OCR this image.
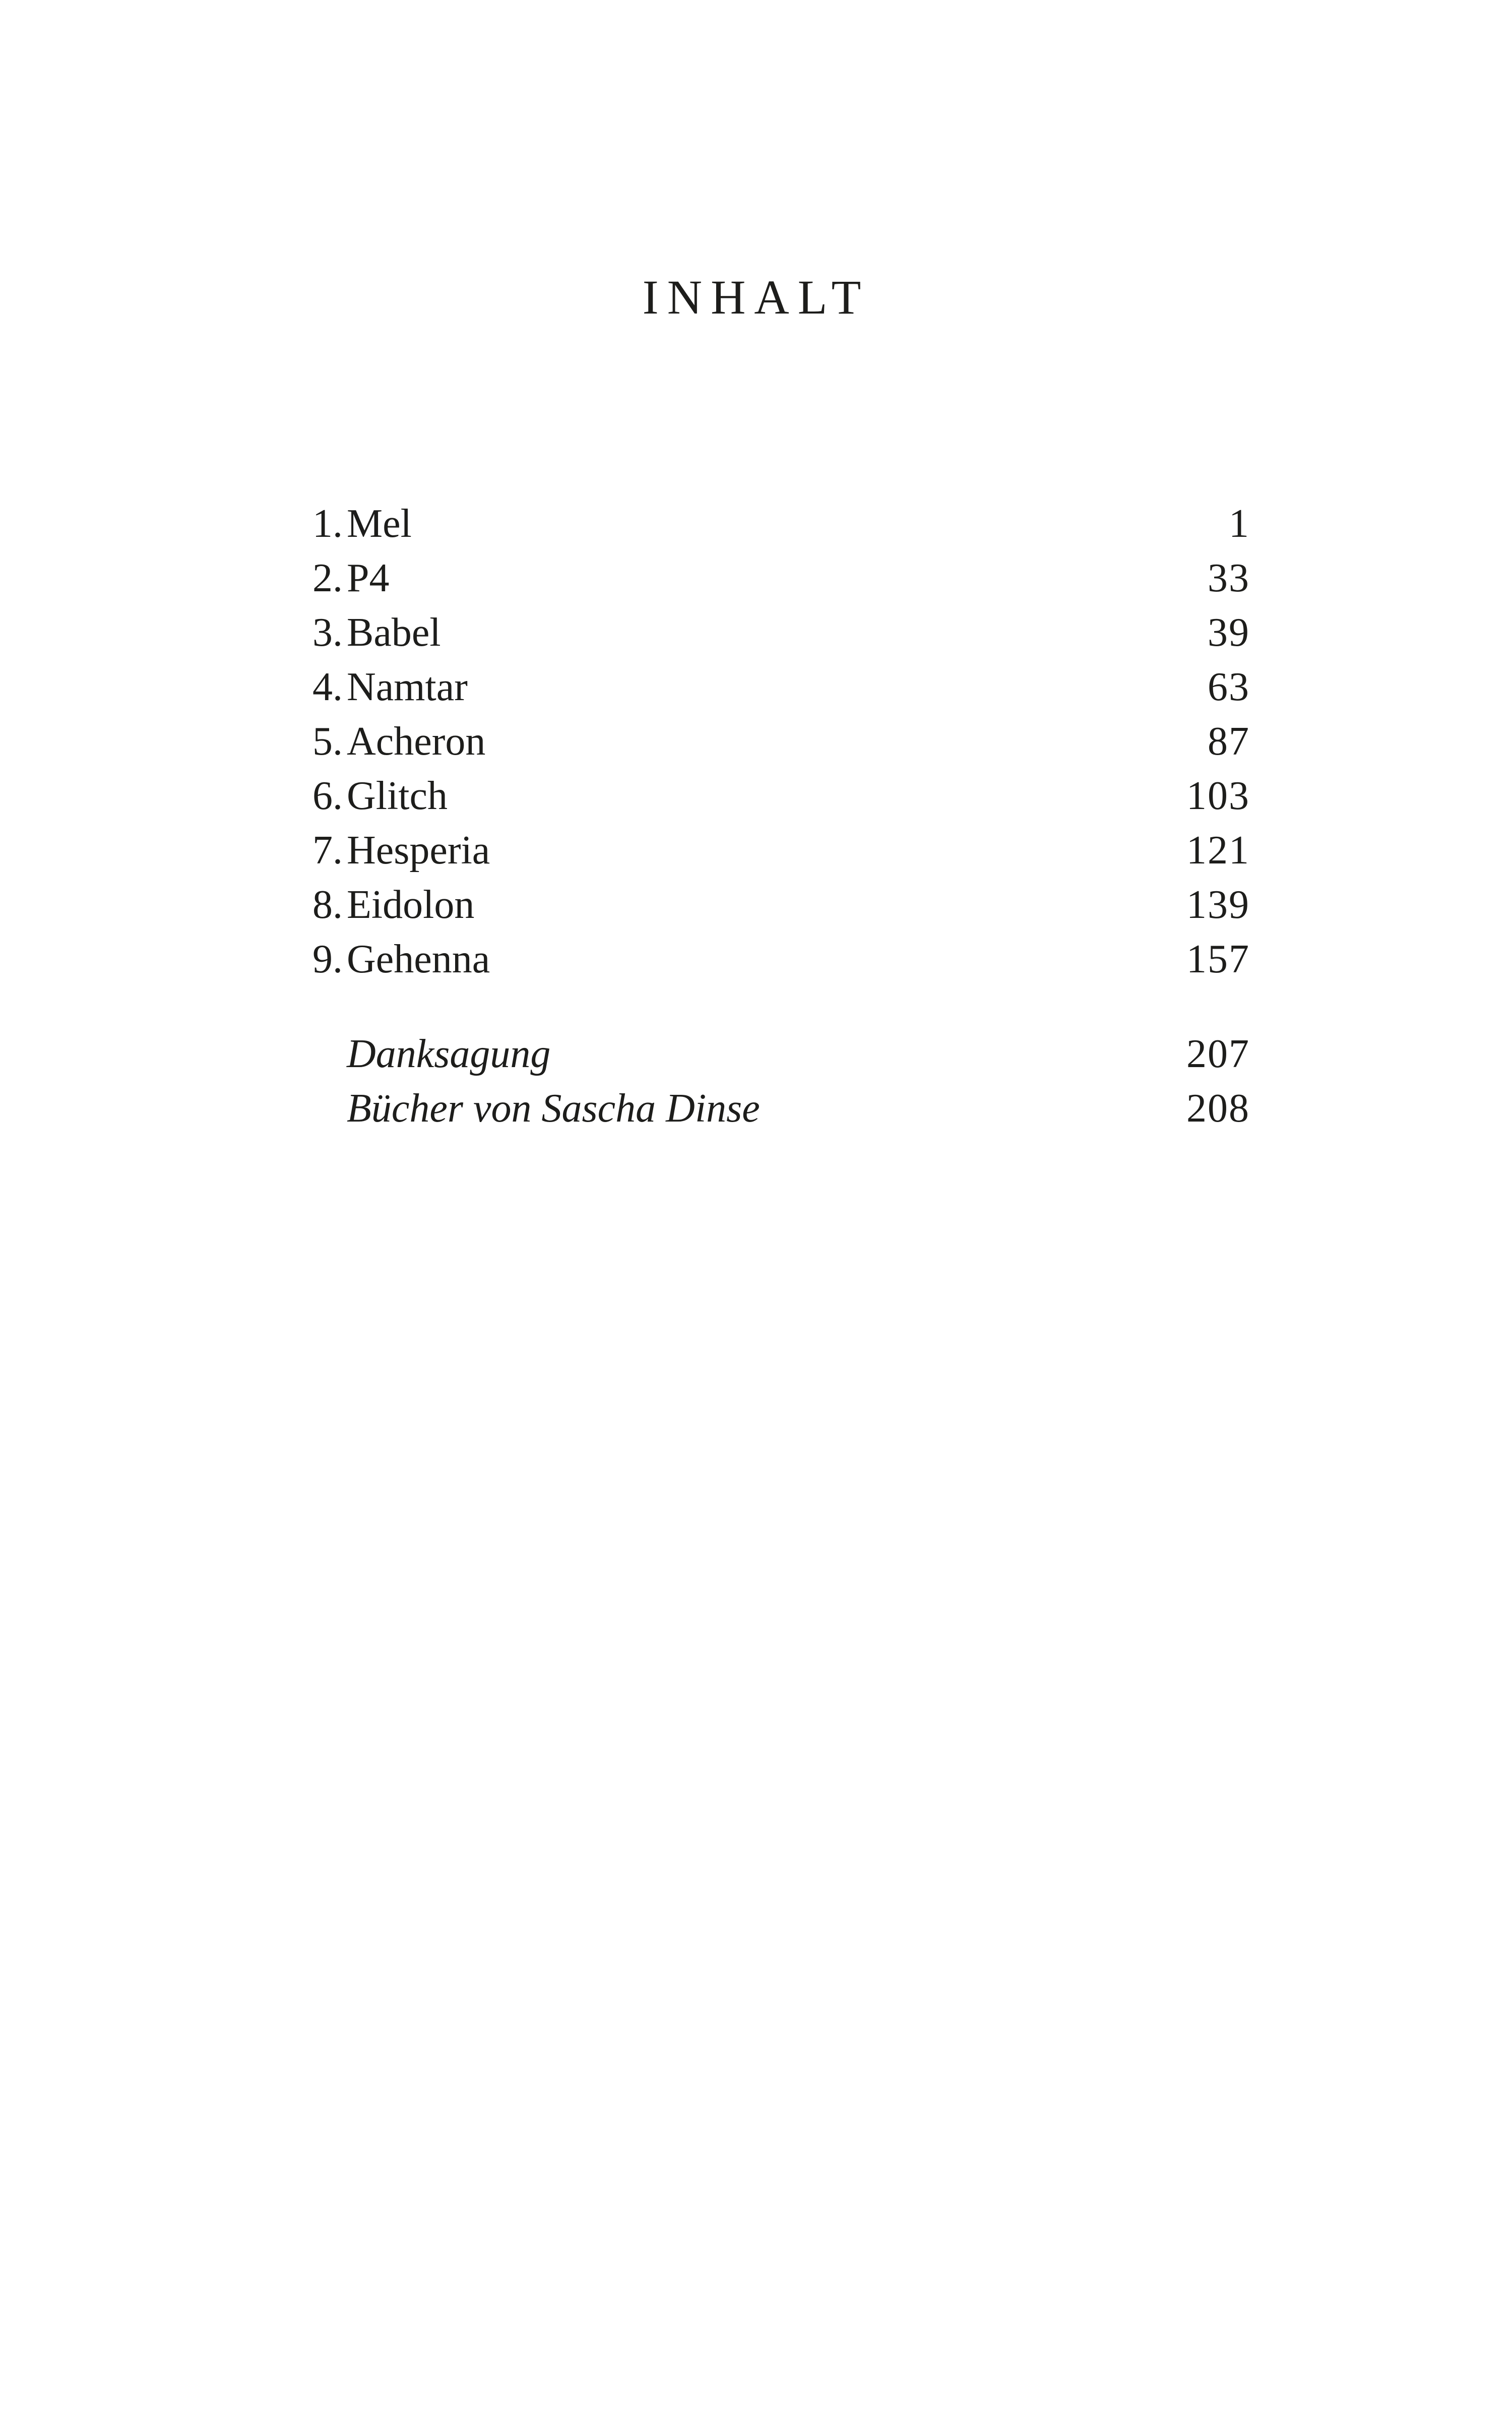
INHALT
1. Mel	1
2. P4	33
3. Babel	39
4. Namtar	63
5. Acheron	87
6. Glitch	103
7. Hesperia	121
8. Eidolon	139
9. Gehenna	157
Danksagung	207
Bücher von Sascha Dinse	208
